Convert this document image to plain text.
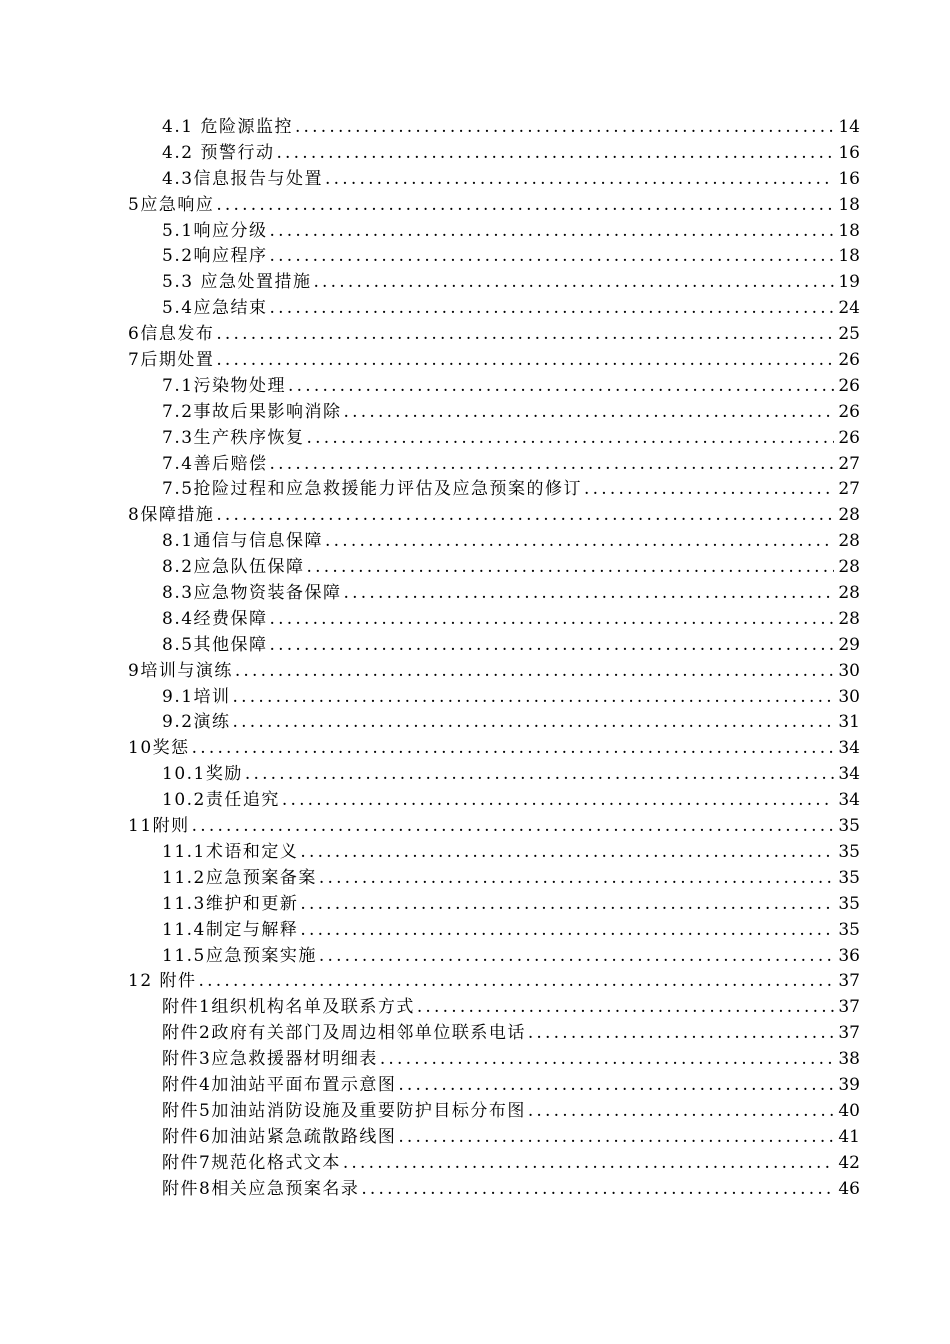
4.1 危险源监控 .....	14
4.2 预警行动 .....	16
4.3信息报告与处置 .....	16
5应急响应 .....	18
5.1响应分级 .....	18
5.2响应程序 .....	18
5.3 应急处置措施 .....	19
5.4应急结束 .....	24
6信息发布 .....	25
7后期处置 .....	26
7.1污染物处理 .....	26
7.2事故后果影响消除 .....	26
7.3生产秩序恢复 .....	26
7.4善后赔偿 .....	27
7.5抢险过程和应急救援能力评估及应急预案的修订 .....	27
8保障措施 .....	28
8.1通信与信息保障 .....	28
8.2应急队伍保障 .....	28
8.3应急物资装备保障 .....	28
8.4经费保障 .....	28
8.5其他保障 .....	29
9培训与演练 .....	30
9.1培训 .....	30
9.2演练 .....	31
10奖惩 .....	34
10.1奖励 .....	34
10.2责任追究 .....	34
11附则 .....	35
11.1术语和定义 .....	35
11.2应急预案备案 .....	35
11.3维护和更新 .....	35
11.4制定与解释 .....	35
11.5应急预案实施 .....	36
12 附件 .....	37
附件1组织机构名单及联系方式 .....	37
附件2政府有关部门及周边相邻单位联系电话 .....	37
附件3应急救援器材明细表 .....	38
附件4加油站平面布置示意图 .....	39
附件5加油站消防设施及重要防护目标分布图 .....	40
附件6加油站紧急疏散路线图 .....	41
附件7规范化格式文本 .....	42
附件8相关应急预案名录 .....	46
